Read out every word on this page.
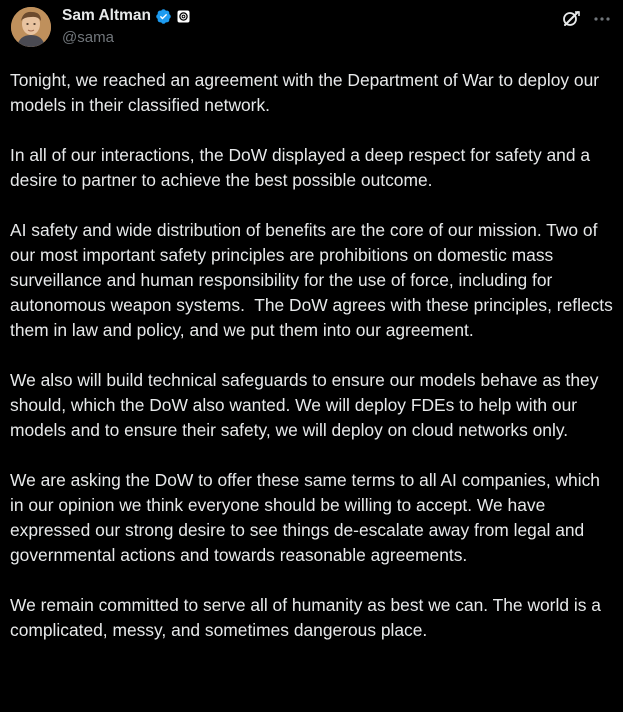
Sam Altman
@sama

Tonight, we reached an agreement with the Department of War to deploy our models in their classified network.

In all of our interactions, the DoW displayed a deep respect for safety and a desire to partner to achieve the best possible outcome.

AI safety and wide distribution of benefits are the core of our mission. Two of our most important safety principles are prohibitions on domestic mass surveillance and human responsibility for the use of force, including for autonomous weapon systems.  The DoW agrees with these principles, reflects them in law and policy, and we put them into our agreement.

We also will build technical safeguards to ensure our models behave as they should, which the DoW also wanted. We will deploy FDEs to help with our models and to ensure their safety, we will deploy on cloud networks only.

We are asking the DoW to offer these same terms to all AI companies, which in our opinion we think everyone should be willing to accept. We have expressed our strong desire to see things de-escalate away from legal and governmental actions and towards reasonable agreements.

We remain committed to serve all of humanity as best we can. The world is a complicated, messy, and sometimes dangerous place.
